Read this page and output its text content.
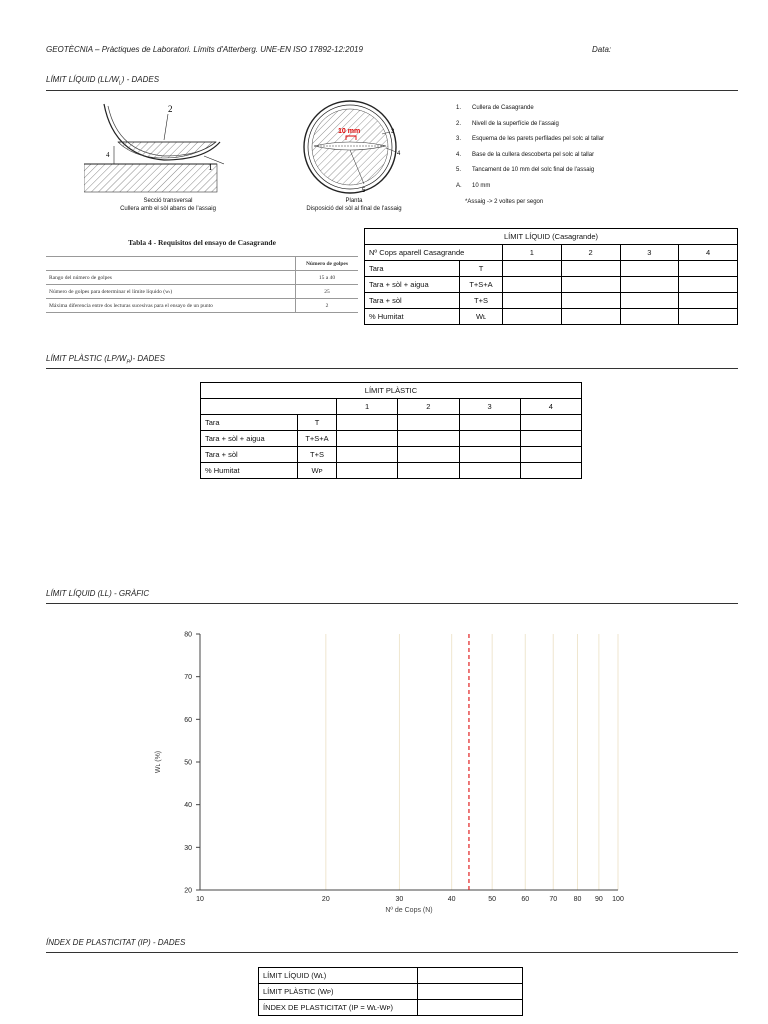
GEOTÈCNIA – Pràctiques de Laboratori. Límits d'Atterberg. UNE-EN ISO 17892-12:2019	Data:
LÍMIT LÍQUID $(LL/W_L)$ - DADES
2
1
4
Secció transversal
Cullera amb el sòl abans de l'assaig
10 mm	3
4
5
Planta
Disposició del sòl al final de l'assaig
1. Cullera de Casagrande
2. Nivell de la superfície de l'assaig
3. Esquema de les parets perfilades pel solc al tallar
4. Base de la cullera descoberta pel solc al tallar
5. Tancament de 10 mm del solc final de l'assaig
A. 10 mm
*Assaig -> 2 voltes per segon
Tabla 4 - Requisitos del ensayo de Casagrande
	Número de golpes
Rango del número de golpes	15 a 40
Número de golpes para determinar el límite líquido (wₗ)	25
Máxima diferencia entre dos lecturas sucesivas para el ensayo de un punto	2
LÍMIT LÍQUID (Casagrande)					
Nº Cops aparell Casagrande		1	2	3	4
Tara	T				
Tara + sòl + aigua	T+S+A				
Tara + sòl	T+S				
% Humitat	Wʟ				
LÍMIT PLÀSTIC $(LP/W_P)-$ DADES
LÍMIT PLÀSTIC					
		1	2	3	4
Tara	T				
Tara + sòl + aigua	T+S+A				
Tara + sòl	T+S				
% Humitat	Wᴘ				
LÍMIT LÍQUID (LL) - GRÀFIC
20
30
40
50
60
70
80
10	20	30	40	50	60	70 80 90 100
Nº de Cops (N)
Wʟ (%)
ÍNDEX DE PLASTICITAT (IP) - DADES
LÍMIT LÍQUID (Wʟ)	
LÍMIT PLÀSTIC (Wᴘ)	
ÍNDEX DE PLASTICITAT (IP = Wʟ-Wᴘ)	
